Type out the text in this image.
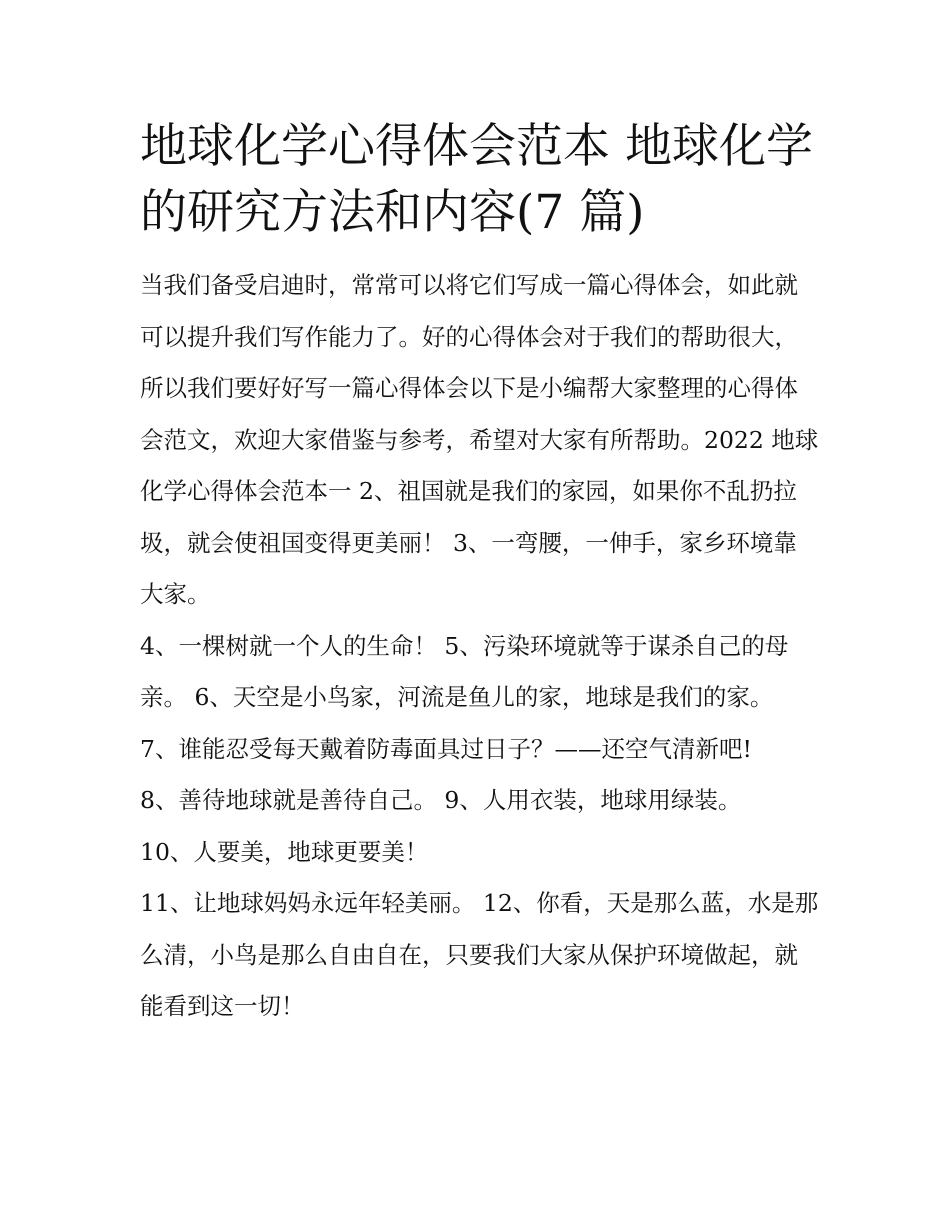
地球化学心得体会范本 地球化学的研究方法和内容(7 篇)

当我们备受启迪时，常常可以将它们写成一篇心得体会，如此就可以提升我们写作能力了。好的心得体会对于我们的帮助很大，所以我们要好好写一篇心得体会以下是小编帮大家整理的心得体会范文，欢迎大家借鉴与参考，希望对大家有所帮助。2022 地球化学心得体会范本一 2、祖国就是我们的家园，如果你不乱扔拉圾，就会使祖国变得更美丽！ 3、一弯腰，一伸手，家乡环境靠大家。

4、一棵树就一个人的生命！ 5、污染环境就等于谋杀自己的母亲。 6、天空是小鸟家，河流是鱼儿的家，地球是我们的家。

7、谁能忍受每天戴着防毒面具过日子？——还空气清新吧!

8、善待地球就是善待自己。 9、人用衣装，地球用绿装。

10、人要美，地球更要美！

11、让地球妈妈永远年轻美丽。 12、你看，天是那么蓝，水是那么清，小鸟是那么自由自在，只要我们大家从保护环境做起，就能看到这一切！
